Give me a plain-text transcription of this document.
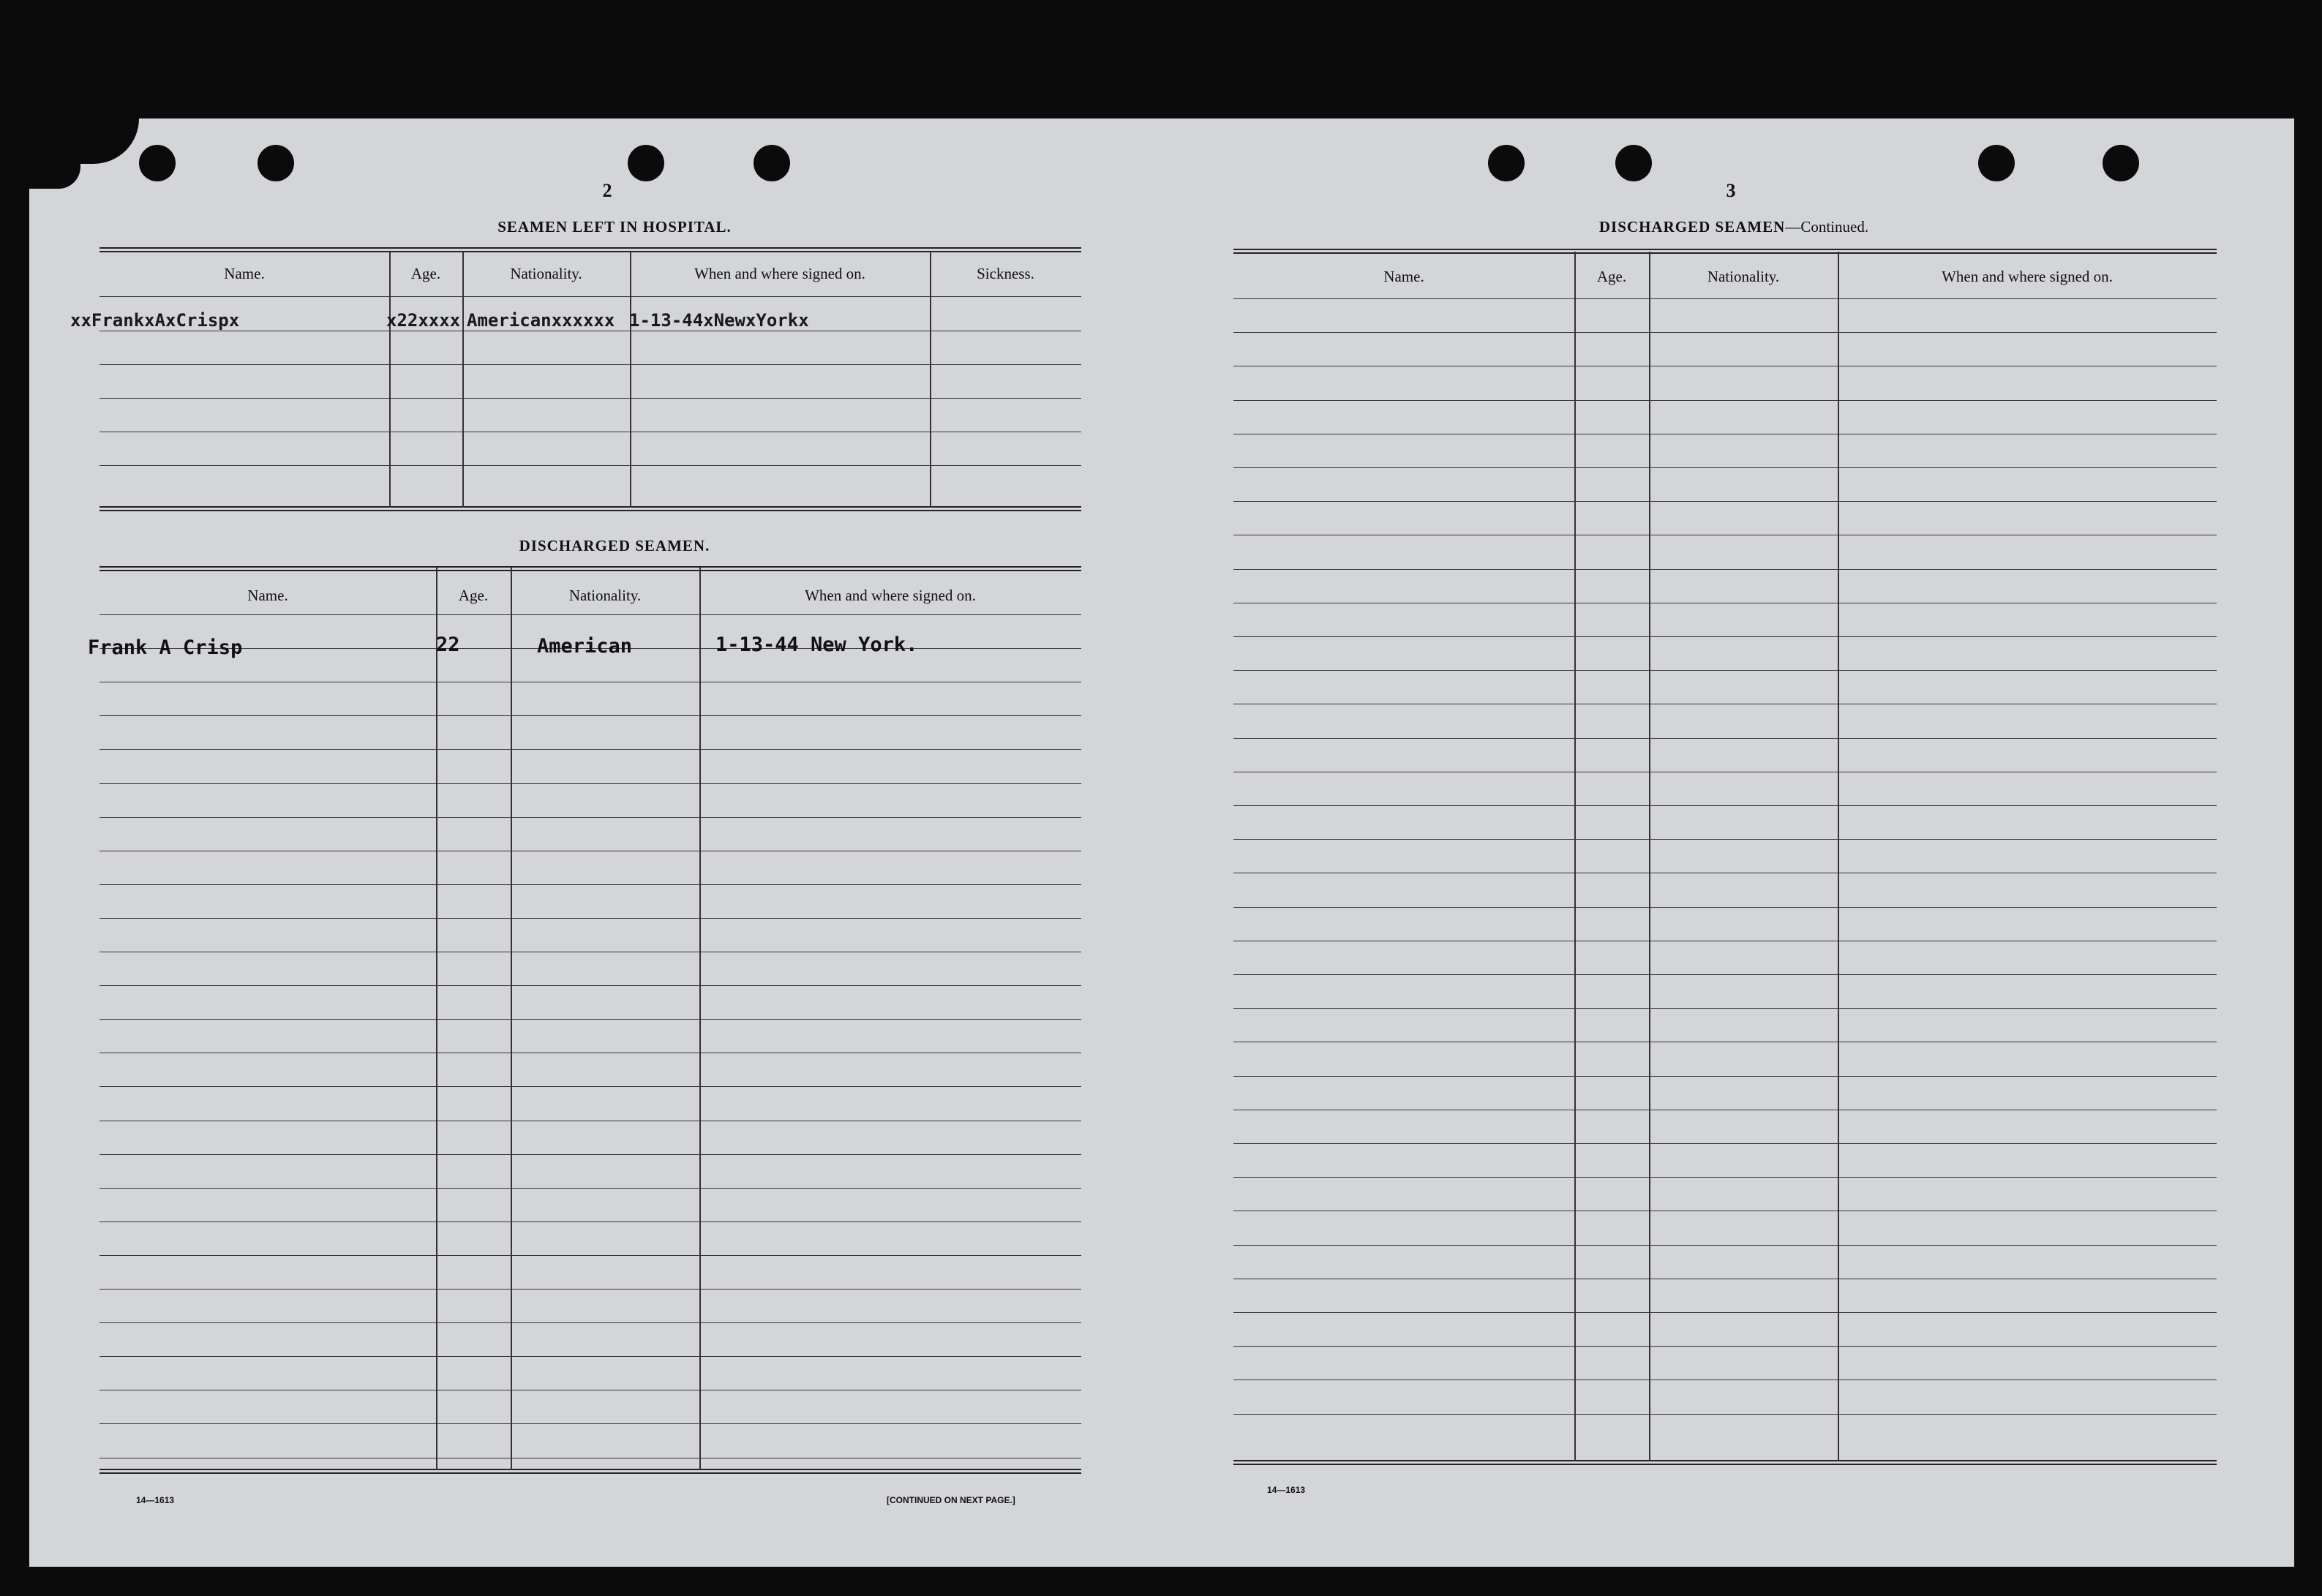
2
SEAMEN LEFT IN HOSPITAL.
Name.	Age.	Nationality.	When and where signed on.	Sickness.
xxFrankxAxCrispx	x22xxxx Americanxxxxxx 1-13-44xNewxYorkx
DISCHARGED SEAMEN.
Name.	Age.	Nationality.	When and where signed on.
Frank A Crisp	22	American	1-13-44 New York.
14—1613	[CONTINUED ON NEXT PAGE.]
3
DISCHARGED SEAMEN—Continued.
Name.	Age.	Nationality.	When and where signed on.
14—1613
